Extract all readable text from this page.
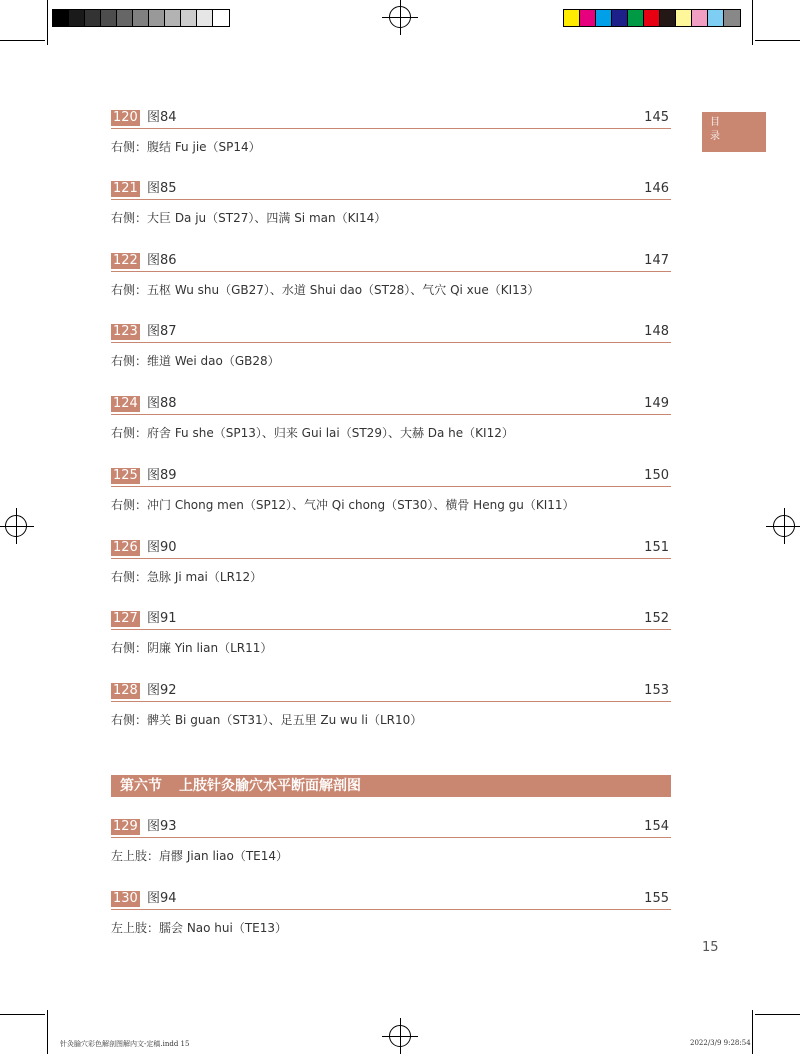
目
录
120 图84	145
右侧：腹结 Fu jie（SP14）
121 图85	146
右侧：大巨 Da ju（ST27）、四满 Si man（KI14）
122 图86	147
右侧：五枢 Wu shu（GB27）、水道 Shui dao（ST28）、气穴 Qi xue（KI13）
123 图87	148
右侧：维道 Wei dao（GB28）
124 图88	149
右侧：府舍 Fu she（SP13）、归来 Gui lai（ST29）、大赫 Da he（KI12）
125 图89	150
右侧：冲门 Chong men（SP12）、气冲 Qi chong（ST30）、横骨 Heng gu（KI11）
126 图90	151
右侧：急脉 Ji mai（LR12）
127 图91	152
右侧：阴廉 Yin lian（LR11）
128 图92	153
右侧：髀关 Bi guan（ST31）、足五里 Zu wu li（LR10）
第六节 上肢针灸腧穴水平断面解剖图
129 图93	154
左上肢：肩髎 Jian liao（TE14）
130 图94	155
左上肢：臑会 Nao hui（TE13）
15
针灸腧穴彩色解剖图解内文-定稿.indd 15	2022/3/9 9:28:54
